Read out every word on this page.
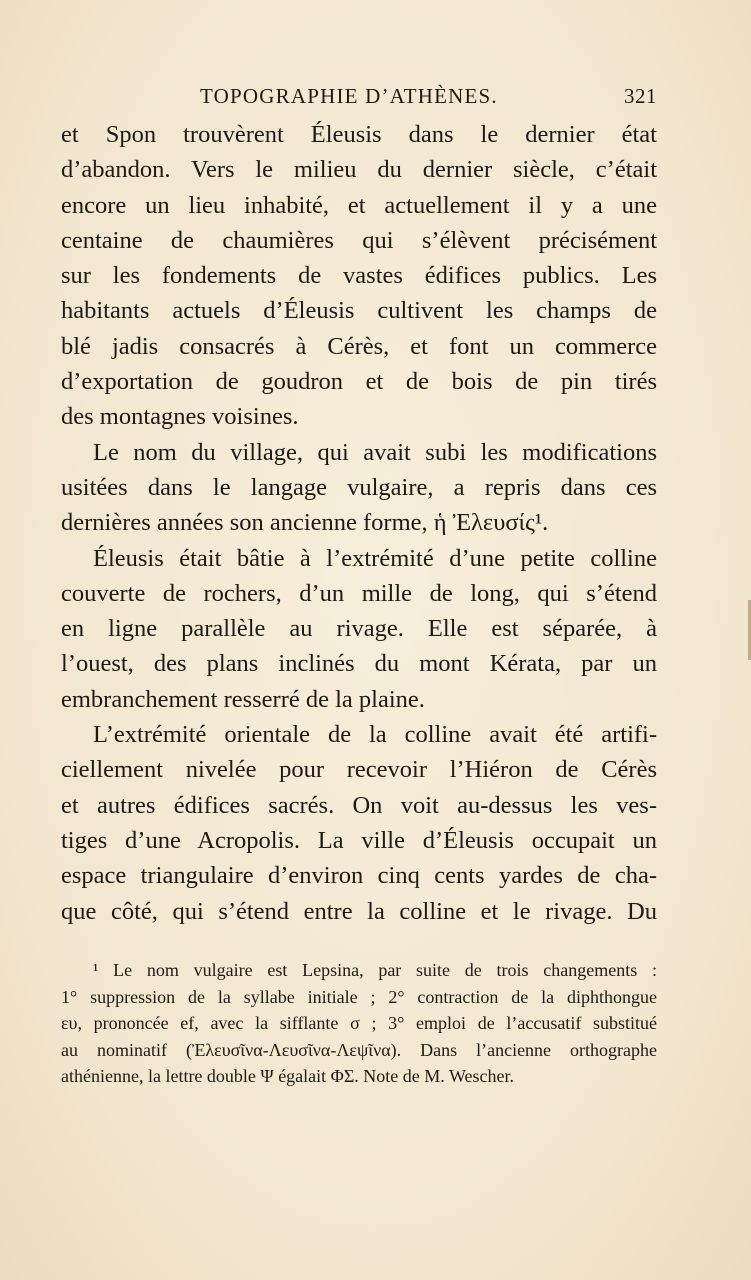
TOPOGRAPHIE D’ATHÈNES.	321
et Spon trouvèrent Éleusis dans le dernier état
d’abandon. Vers le milieu du dernier siècle, c’était
encore un lieu inhabité, et actuellement il y a une
centaine de chaumières qui s’élèvent précisément
sur les fondements de vastes édifices publics. Les
habitants actuels d’Éleusis cultivent les champs de
blé jadis consacrés à Cérès, et font un commerce
d’exportation de goudron et de bois de pin tirés
des montagnes voisines.
Le nom du village, qui avait subi les modifications
usitées dans le langage vulgaire, a repris dans ces
dernières années son ancienne forme, ἡ Ἐλευσίς¹.
Éleusis était bâtie à l’extrémité d’une petite colline
couverte de rochers, d’un mille de long, qui s’étend
en ligne parallèle au rivage. Elle est séparée, à
l’ouest, des plans inclinés du mont Kérata, par un
embranchement resserré de la plaine.
L’extrémité orientale de la colline avait été artifi-
ciellement nivelée pour recevoir l’Hiéron de Cérès
et autres édifices sacrés. On voit au-dessus les ves-
tiges d’une Acropolis. La ville d’Éleusis occupait un
espace triangulaire d’environ cinq cents yardes de cha-
que côté, qui s’étend entre la colline et le rivage. Du
¹ Le nom vulgaire est Lepsina, par suite de trois changements :
1° suppression de la syllabe initiale ; 2° contraction de la diphthongue
ευ, prononcée ef, avec la sifflante σ ; 3° emploi de l’accusatif substitué
au nominatif (Ἐλευσῖνα-Λευσῖνα-Λεψῖνα). Dans l’ancienne orthographe
athénienne, la lettre double Ψ égalait ΦΣ. Note de M. Wescher.
